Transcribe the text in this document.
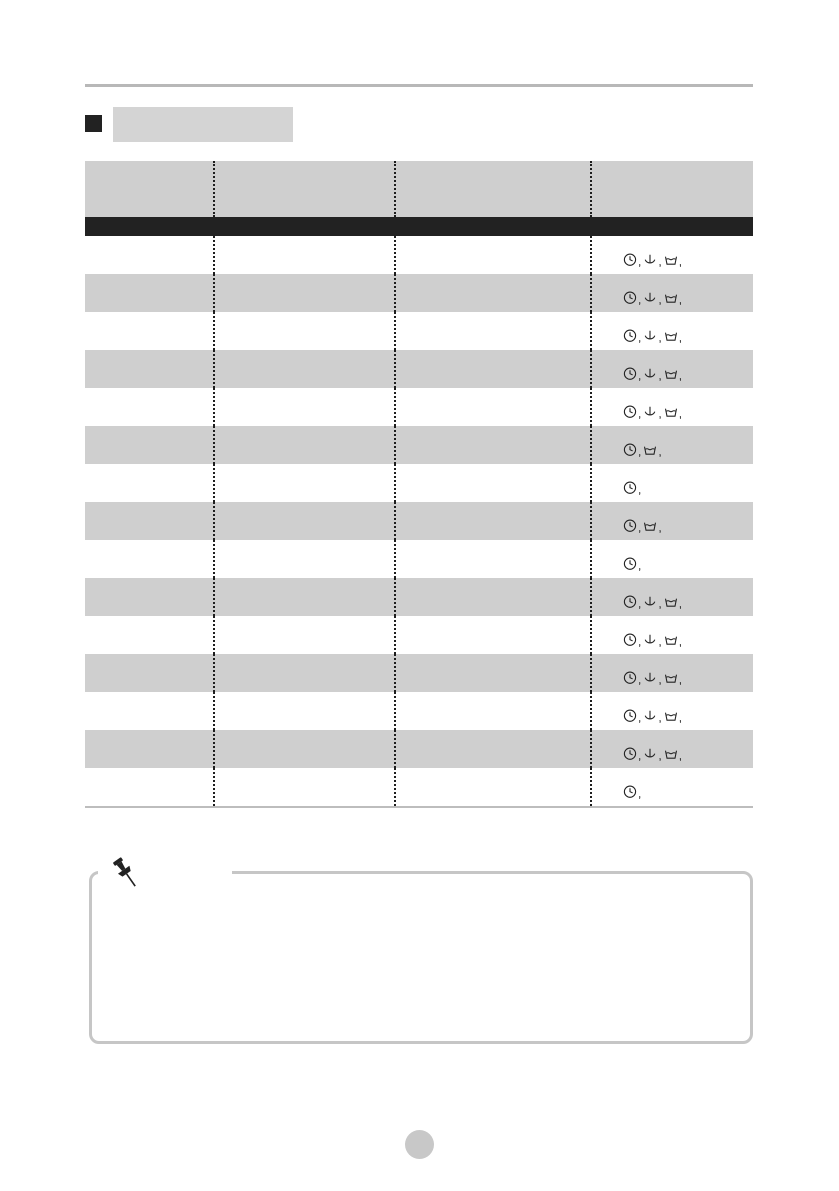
, , ,
, , ,
, , ,
, , ,
, , ,
, ,
,
, ,
,
, , ,
, , ,
, , ,
, , ,
, , ,
,
